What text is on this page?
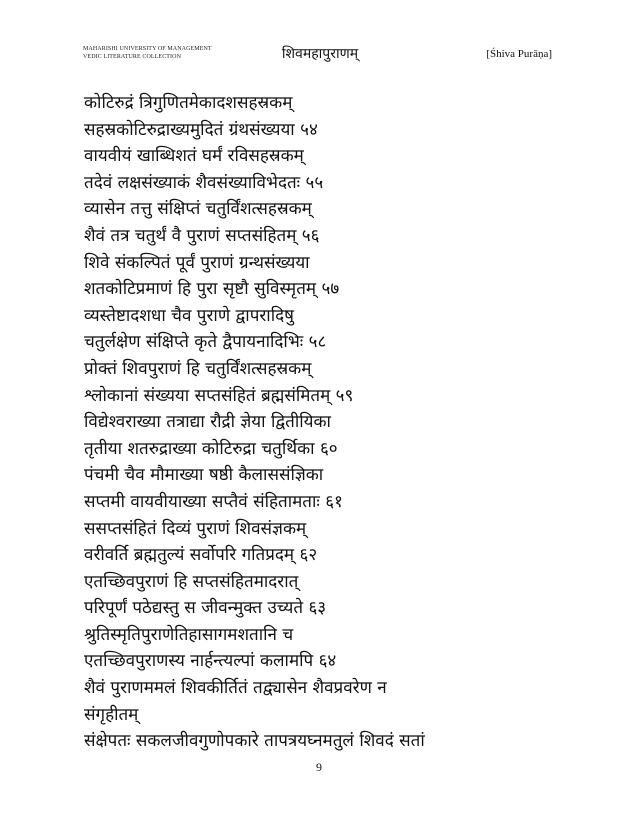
MAHARISHI UNIVERSITY OF MANAGEMENT
VEDIC LITERATURE COLLECTION	शिवमहापुराणम्	[Śhiva Purāṇa]
कोटिरुद्रं त्रिगुणितमेकादशसहस्रकम्
सहस्रकोटिरुद्राख्यमुदितं ग्रंथसंख्यया ५४
वायवीयं खाब्धिशतं घर्मं रविसहस्रकम्
तदेवं लक्षसंख्याकं शैवसंख्याविभेदतः ५५
व्यासेन तत्तु संक्षिप्तं चतुर्विंशत्सहस्रकम्
शैवं तत्र चतुर्थं वै पुराणं सप्तसंहितम् ५६
शिवे संकल्पितं पूर्वं पुराणं ग्रन्थसंख्यया
शतकोटिप्रमाणं हि पुरा सृष्टौ सुविस्मृतम् ५७
व्यस्तेष्टादशधा चैव पुराणे द्वापरादिषु
चतुर्लक्षेण संक्षिप्ते कृते द्वैपायनादिभिः ५८
प्रोक्तं शिवपुराणं हि चतुर्विंशत्सहस्रकम्
श्लोकानां संख्यया सप्तसंहितं ब्रह्मसंमितम् ५९
विद्येश्वराख्या तत्राद्या रौद्री ज्ञेया द्वितीयिका
तृतीया शतरुद्राख्या कोटिरुद्रा चतुर्थिका ६०
पंचमी चैव मौमाख्या षष्ठी कैलाससंज्ञिका
सप्तमी वायवीयाख्या सप्तैवं संहितामताः ६१
ससप्तसंहितं दिव्यं पुराणं शिवसंज्ञकम्
वरीवर्ति ब्रह्मतुल्यं सर्वोपरि गतिप्रदम् ६२
एतच्छिवपुराणं हि सप्तसंहितमादरात्
परिपूर्णं पठेद्यस्तु स जीवन्मुक्त उच्यते ६३
श्रुतिस्मृतिपुराणेतिहासागमशतानि च
एतच्छिवपुराणस्य नार्हन्त्यल्पां कलामपि ६४
शैवं पुराणममलं शिवकीर्तितं तद्व्यासेन शैवप्रवरेण न
संगृहीतम्
संक्षेपतः सकलजीवगुणोपकारे तापत्रयघ्नमतुलं शिवदं सतां
9
